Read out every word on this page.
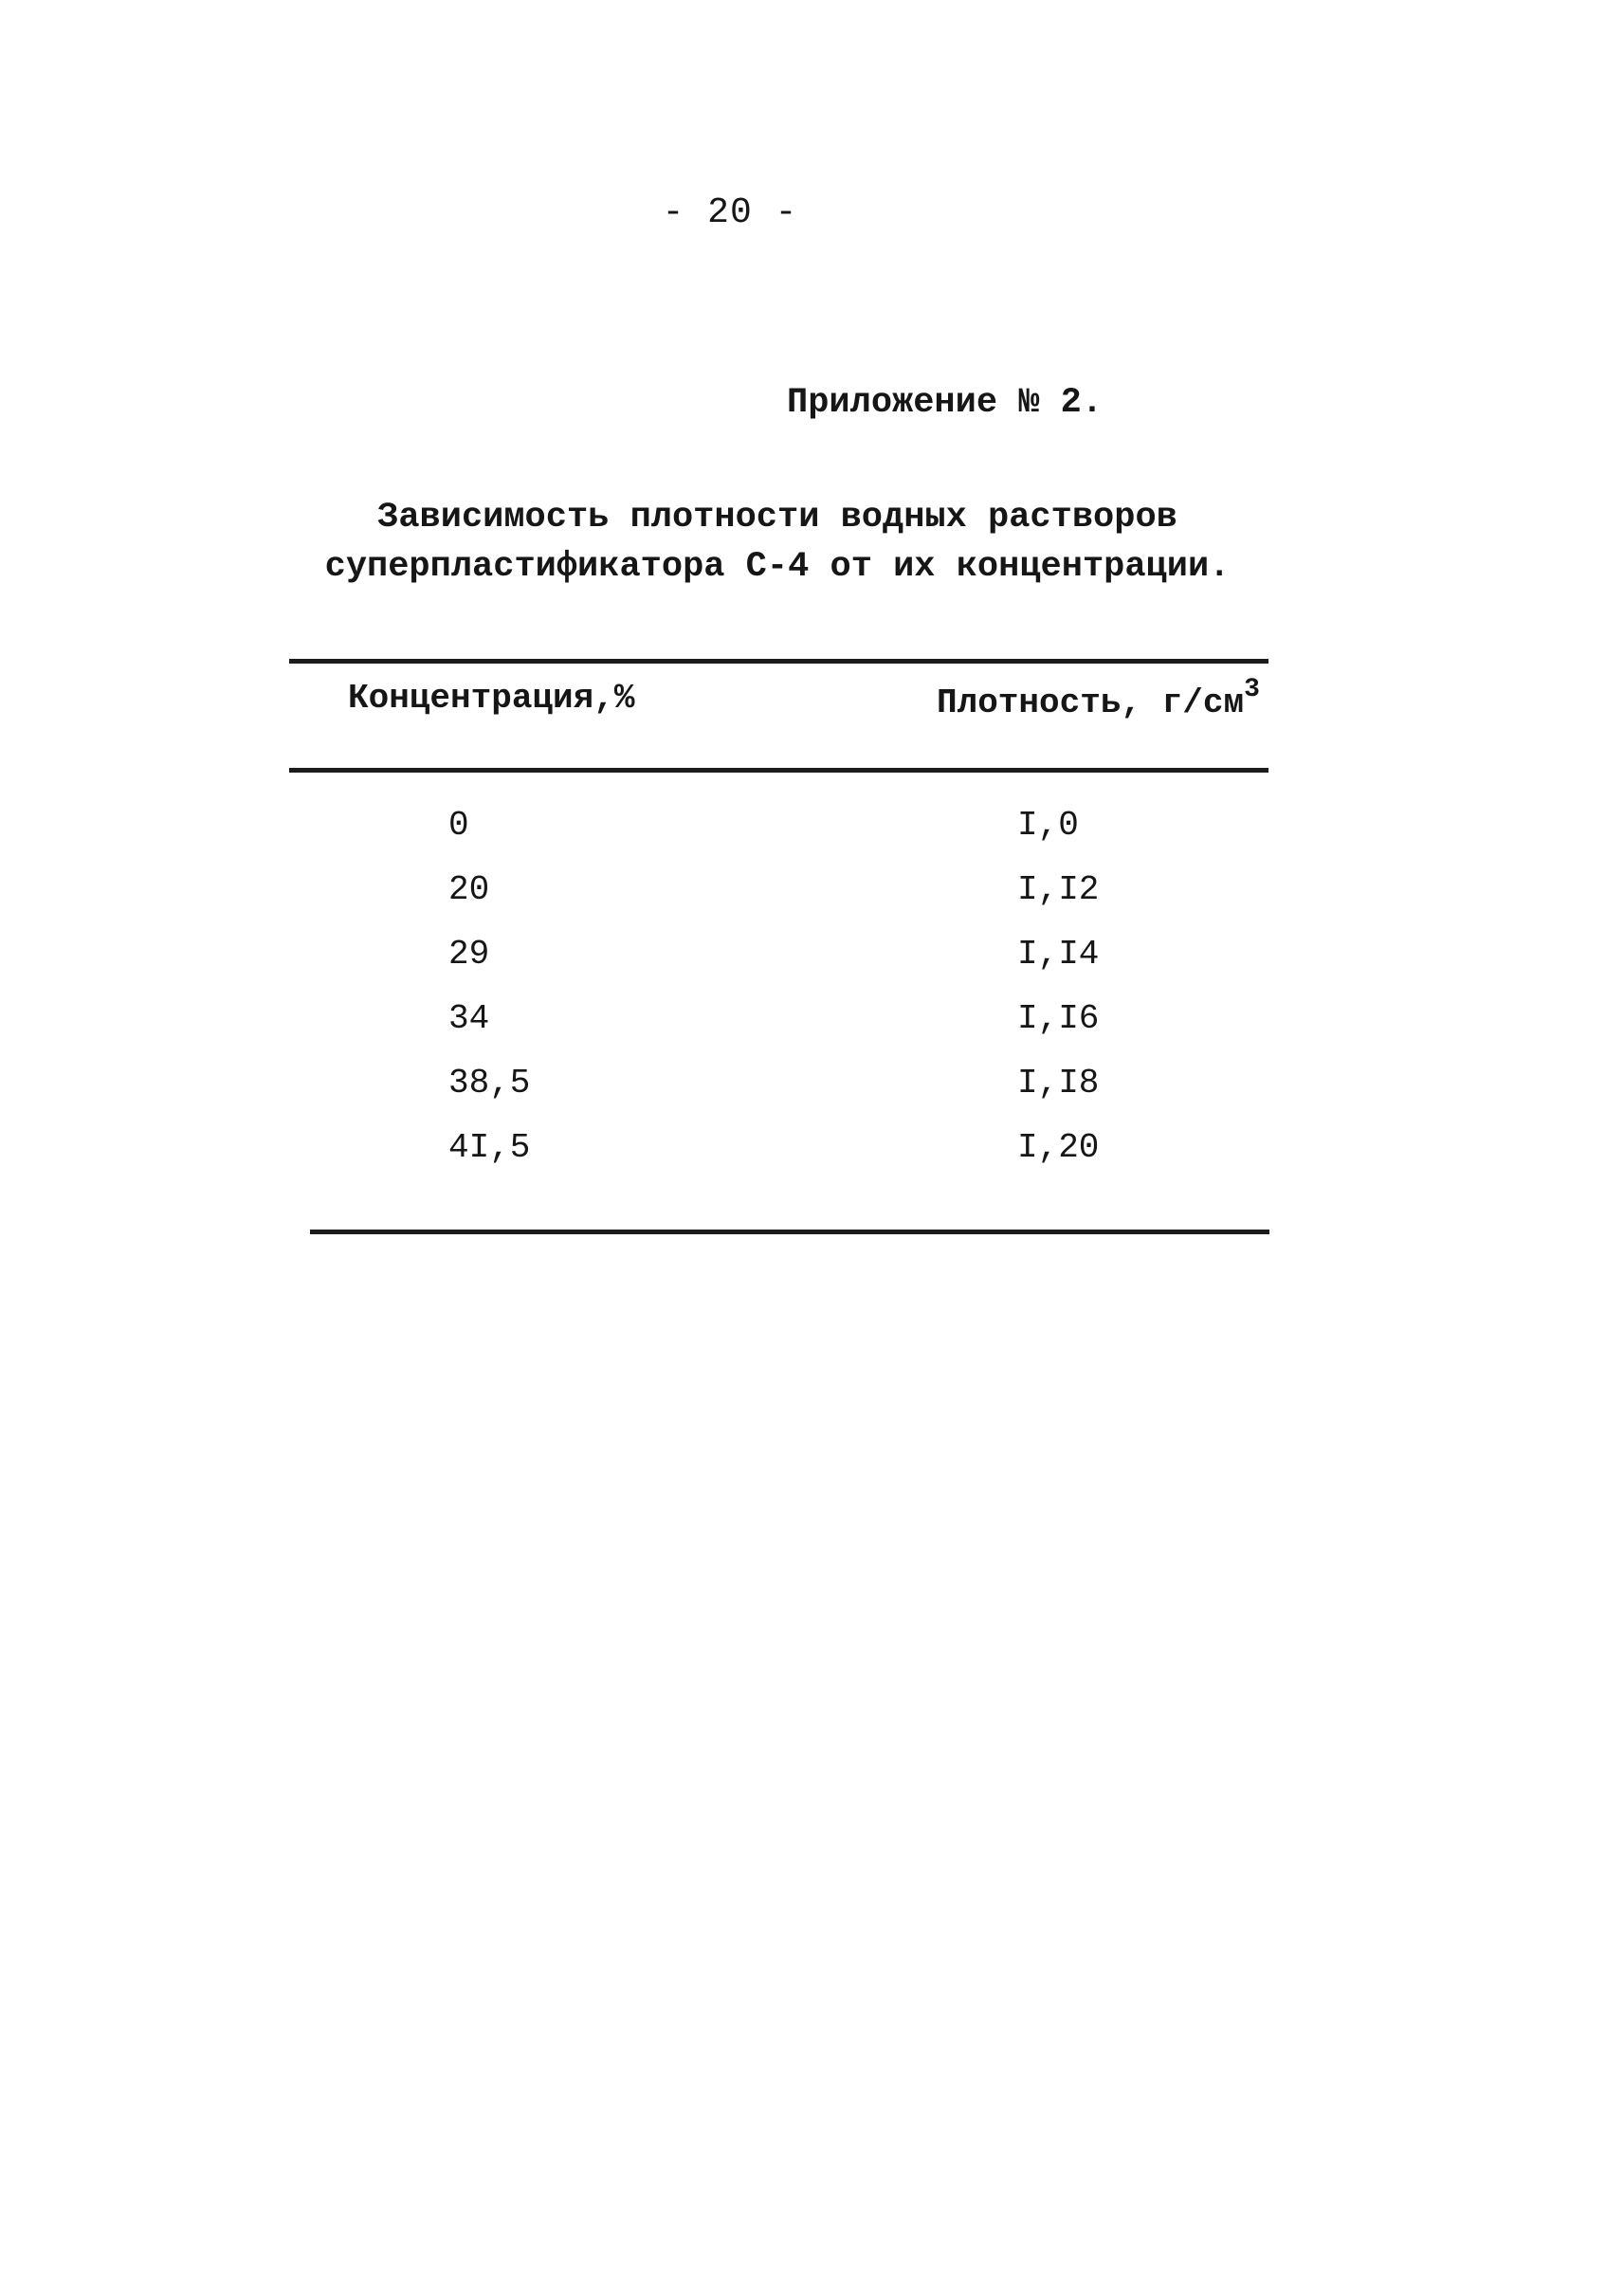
- 20 -
Приложение № 2.
Зависимость плотности водных растворов
суперпластификатора С-4 от их концентрации.
Концентрация,%	Плотность, $г/см^3$
0	I,0
20	I,I2
29	I,I4
34	I,I6
38,5	I,I8
4I,5	I,20
